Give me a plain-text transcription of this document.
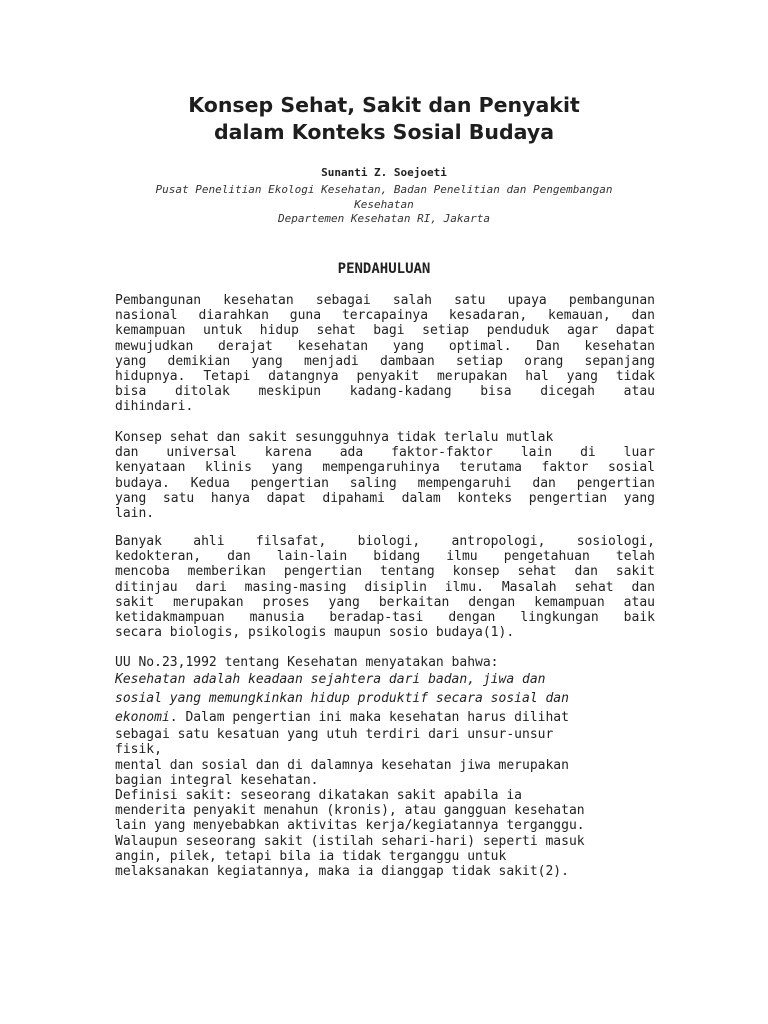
Konsep Sehat, Sakit dan Penyakit
dalam Konteks Sosial Budaya
Sunanti Z. Soejoeti
Pusat Penelitian Ekologi Kesehatan, Badan Penelitian dan Pengembangan
Kesehatan
Departemen Kesehatan RI, Jakarta
PENDAHULUAN
Pembangunan kesehatan sebagai salah satu upaya pembangunan
nasional diarahkan guna tercapainya kesadaran, kemauan, dan
kemampuan untuk hidup sehat bagi setiap penduduk agar dapat
mewujudkan derajat kesehatan yang optimal. Dan kesehatan
yang demikian yang menjadi dambaan setiap orang sepanjang
hidupnya. Tetapi datangnya penyakit merupakan hal yang tidak
bisa ditolak meskipun kadang-kadang bisa dicegah atau
dihindari.
Konsep sehat dan sakit sesungguhnya tidak terlalu mutlak
dan universal karena ada faktor-faktor lain di luar
kenyataan klinis yang mempengaruhinya terutama faktor sosial
budaya. Kedua pengertian saling mempengaruhi dan pengertian
yang satu hanya dapat dipahami dalam konteks pengertian yang
lain.
Banyak ahli filsafat, biologi, antropologi, sosiologi,
kedokteran, dan lain-lain bidang ilmu pengetahuan telah
mencoba memberikan pengertian tentang konsep sehat dan sakit
ditinjau dari masing-masing disiplin ilmu. Masalah sehat dan
sakit merupakan proses yang berkaitan dengan kemampuan atau
ketidakmampuan manusia beradap-tasi dengan lingkungan baik
secara biologis, psikologis maupun sosio budaya(1).
UU No.23,1992 tentang Kesehatan menyatakan bahwa:
Kesehatan adalah keadaan sejahtera dari badan, jiwa dan
sosial yang memungkinkan hidup produktif secara sosial dan
ekonomi. Dalam pengertian ini maka kesehatan harus dilihat
sebagai satu kesatuan yang utuh terdiri dari unsur-unsur
fisik,
mental dan sosial dan di dalamnya kesehatan jiwa merupakan
bagian integral kesehatan.
Definisi sakit: seseorang dikatakan sakit apabila ia
menderita penyakit menahun (kronis), atau gangguan kesehatan
lain yang menyebabkan aktivitas kerja/kegiatannya terganggu.
Walaupun seseorang sakit (istilah sehari-hari) seperti masuk
angin, pilek, tetapi bila ia tidak terganggu untuk
melaksanakan kegiatannya, maka ia dianggap tidak sakit(2).
